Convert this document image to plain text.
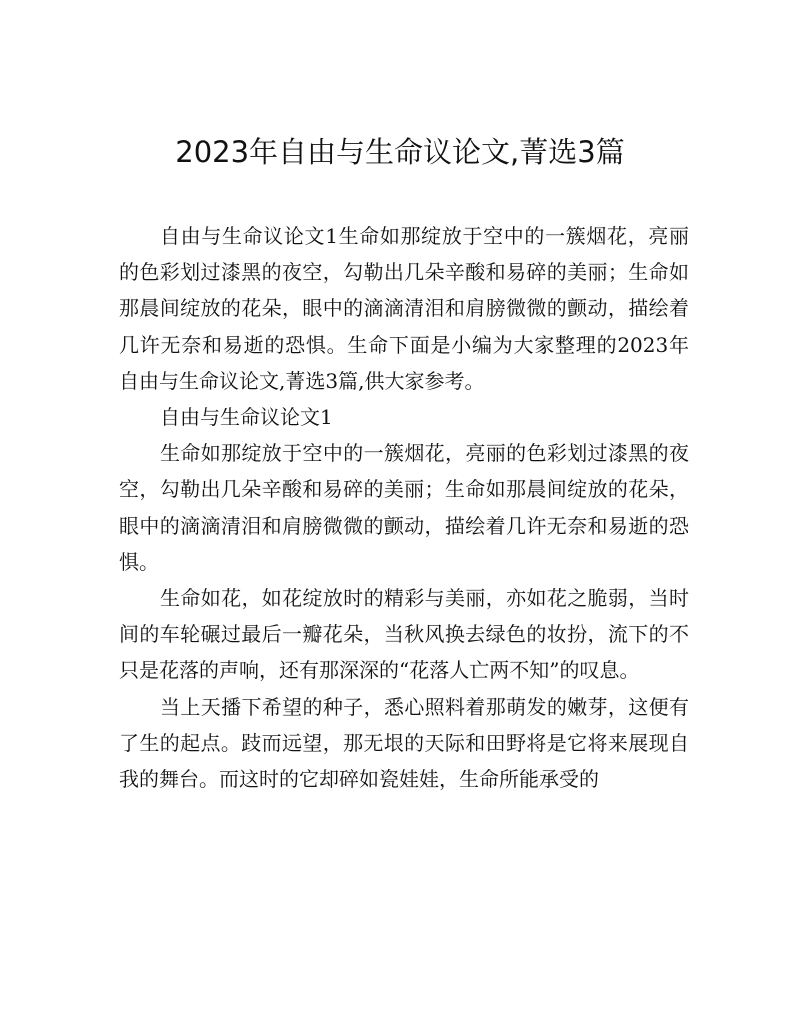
2023年自由与生命议论文,菁选3篇

自由与生命议论文1生命如那绽放于空中的一簇烟花，亮丽的色彩划过漆黑的夜空，勾勒出几朵辛酸和易碎的美丽；生命如那晨间绽放的花朵，眼中的滴滴清泪和肩膀微微的颤动，描绘着几许无奈和易逝的恐惧。生命下面是小编为大家整理的2023年自由与生命议论文,菁选3篇,供大家参考。

自由与生命议论文1

生命如那绽放于空中的一簇烟花，亮丽的色彩划过漆黑的夜空，勾勒出几朵辛酸和易碎的美丽；生命如那晨间绽放的花朵，眼中的滴滴清泪和肩膀微微的颤动，描绘着几许无奈和易逝的恐惧。

生命如花，如花绽放时的精彩与美丽，亦如花之脆弱，当时间的车轮碾过最后一瓣花朵，当秋风换去绿色的妆扮，流下的不只是花落的声响，还有那深深的“花落人亡两不知”的叹息。

当上天播下希望的种子，悉心照料着那萌发的嫩芽，这便有了生的起点。跂而远望，那无垠的天际和田野将是它将来展现自我的舞台。而这时的它却碎如瓷娃娃，生命所能承受的
